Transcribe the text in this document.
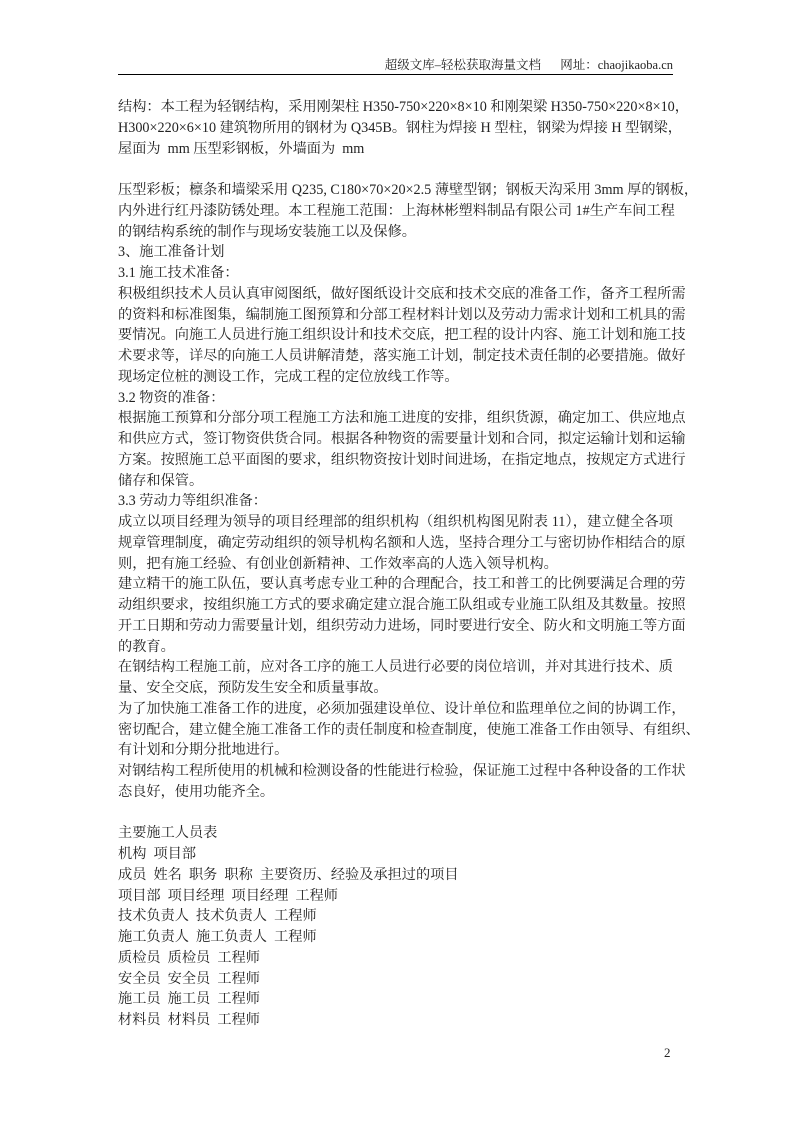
超级文库–轻松获取海量文档 网址：chaojikaoba.cn
结构：本工程为轻钢结构，采用刚架柱 H350-750×220×8×10 和刚架梁 H350-750×220×8×10，
H300×220×6×10 建筑物所用的钢材为 Q345B。钢柱为焊接 H 型柱，钢梁为焊接 H 型钢梁，
屋面为  mm 压型彩钢板，外墙面为  mm
压型彩板；檩条和墙梁采用 Q235, C180×70×20×2.5 薄壁型钢；钢板天沟采用 3mm 厚的钢板，
内外进行红丹漆防锈处理。本工程施工范围：上海林彬塑料制品有限公司 1#生产车间工程
的钢结构系统的制作与现场安装施工以及保修。
3、施工准备计划
3.1 施工技术准备：
积极组织技术人员认真审阅图纸，做好图纸设计交底和技术交底的准备工作，备齐工程所需
的资料和标准图集，编制施工图预算和分部工程材料计划以及劳动力需求计划和工机具的需
要情况。向施工人员进行施工组织设计和技术交底，把工程的设计内容、施工计划和施工技
术要求等，详尽的向施工人员讲解清楚，落实施工计划，制定技术责任制的必要措施。做好
现场定位桩的测设工作，完成工程的定位放线工作等。
3.2 物资的准备：
根据施工预算和分部分项工程施工方法和施工进度的安排，组织货源，确定加工、供应地点
和供应方式，签订物资供货合同。根据各种物资的需要量计划和合同，拟定运输计划和运输
方案。按照施工总平面图的要求，组织物资按计划时间进场，在指定地点，按规定方式进行
储存和保管。
3.3 劳动力等组织准备：
成立以项目经理为领导的项目经理部的组织机构（组织机构图见附表 11），建立健全各项
规章管理制度，确定劳动组织的领导机构名额和人选，坚持合理分工与密切协作相结合的原
则，把有施工经验、有创业创新精神、工作效率高的人选入领导机构。
建立精干的施工队伍，要认真考虑专业工种的合理配合，技工和普工的比例要满足合理的劳
动组织要求，按组织施工方式的要求确定建立混合施工队组或专业施工队组及其数量。按照
开工日期和劳动力需要量计划，组织劳动力进场，同时要进行安全、防火和文明施工等方面
的教育。
在钢结构工程施工前，应对各工序的施工人员进行必要的岗位培训，并对其进行技术、质
量、安全交底，预防发生安全和质量事故。
为了加快施工准备工作的进度，必须加强建设单位、设计单位和监理单位之间的协调工作，
密切配合，建立健全施工准备工作的责任制度和检查制度，使施工准备工作由领导、有组织、
有计划和分期分批地进行。
对钢结构工程所使用的机械和检测设备的性能进行检验，保证施工过程中各种设备的工作状
态良好，使用功能齐全。
主要施工人员表
机构  项目部
成员  姓名  职务  职称  主要资历、经验及承担过的项目
项目部  项目经理  项目经理  工程师
技术负责人  技术负责人  工程师
施工负责人  施工负责人  工程师
质检员  质检员  工程师
安全员  安全员  工程师
施工员  施工员  工程师
材料员  材料员  工程师
2
